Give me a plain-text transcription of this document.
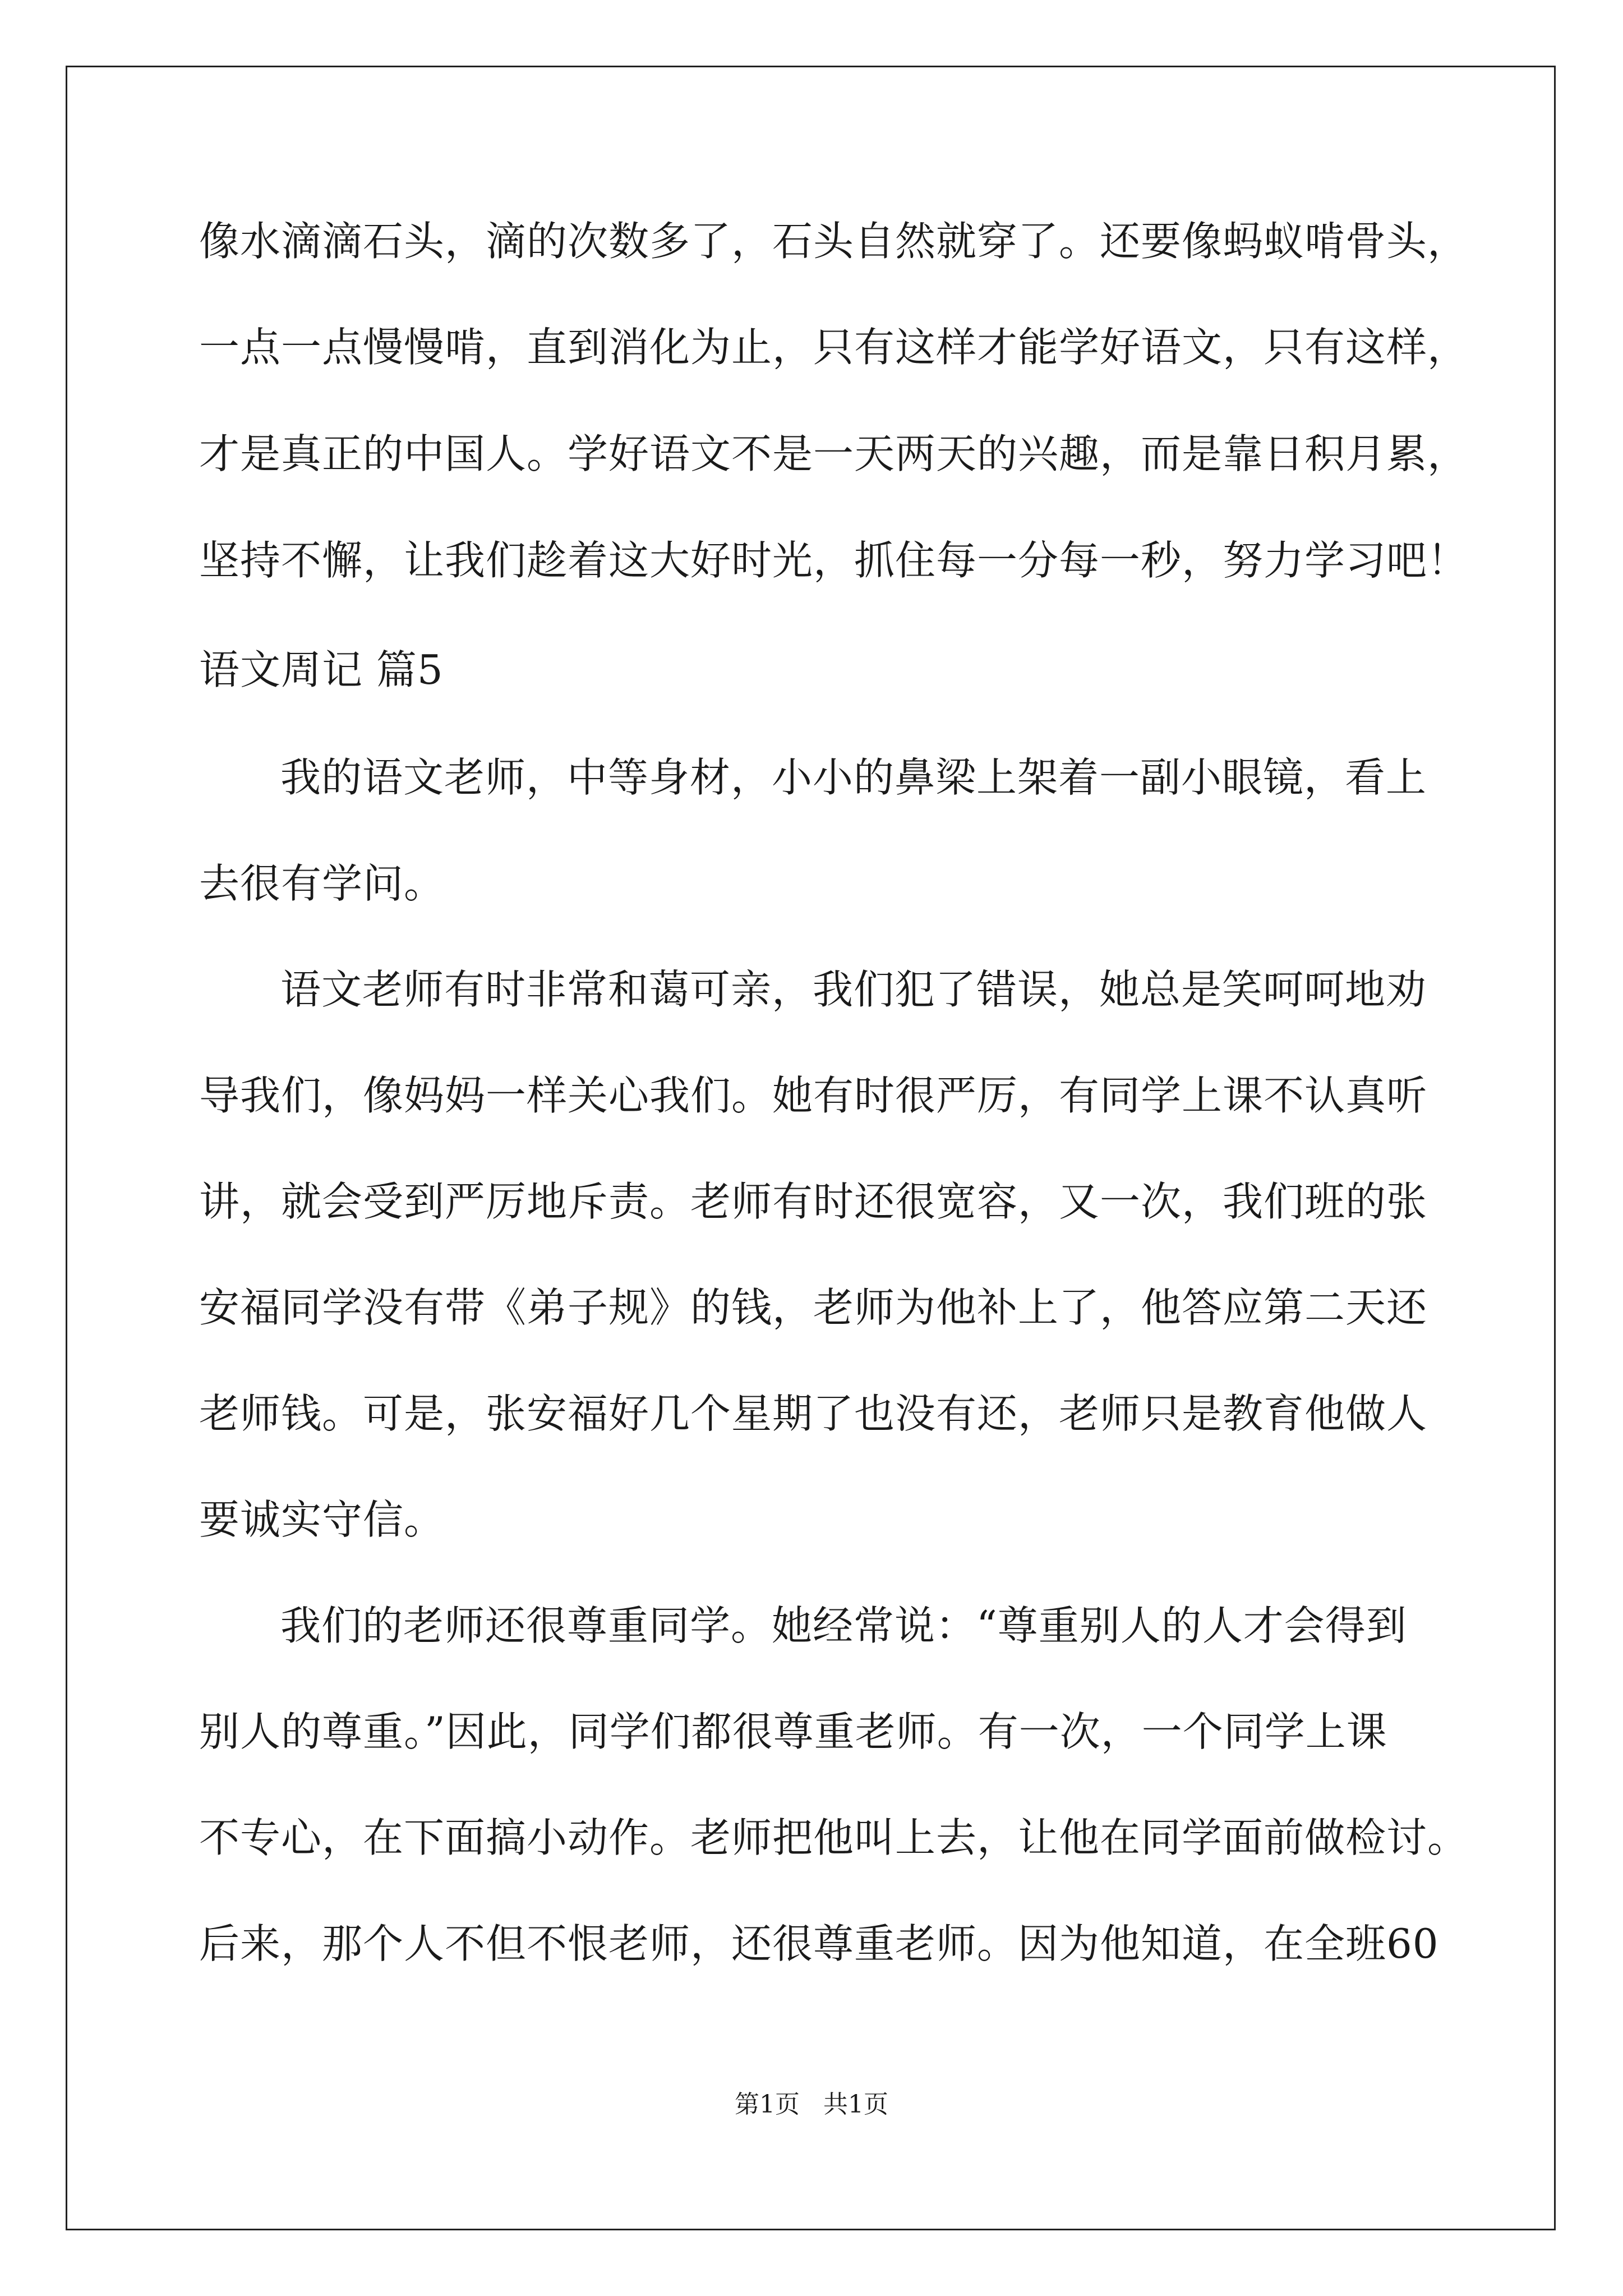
像水滴滴石头，滴的次数多了，石头自然就穿了。还要像蚂蚁啃骨头，
一点一点慢慢啃，直到消化为止，只有这样才能学好语文，只有这样，
才是真正的中国人。学好语文不是一天两天的兴趣，而是靠日积月累，
坚持不懈，让我们趁着这大好时光，抓住每一分每一秒，努力学习吧！
语文周记 篇5
我的语文老师，中等身材，小小的鼻梁上架着一副小眼镜，看上
去很有学问。
语文老师有时非常和蔼可亲，我们犯了错误，她总是笑呵呵地劝
导我们，像妈妈一样关心我们。她有时很严厉，有同学上课不认真听
讲，就会受到严厉地斥责。老师有时还很宽容，又一次，我们班的张
安福同学没有带《弟子规》的钱，老师为他补上了，他答应第二天还
老师钱。可是，张安福好几个星期了也没有还，老师只是教育他做人
要诚实守信。
我们的老师还很尊重同学。她经常说：“尊重别人的人才会得到
别人的尊重。”因此，同学们都很尊重老师。有一次，一个同学上课
不专心，在下面搞小动作。老师把他叫上去，让他在同学面前做检讨。
后来，那个人不但不恨老师，还很尊重老师。因为他知道，在全班60
第1页   共1页
